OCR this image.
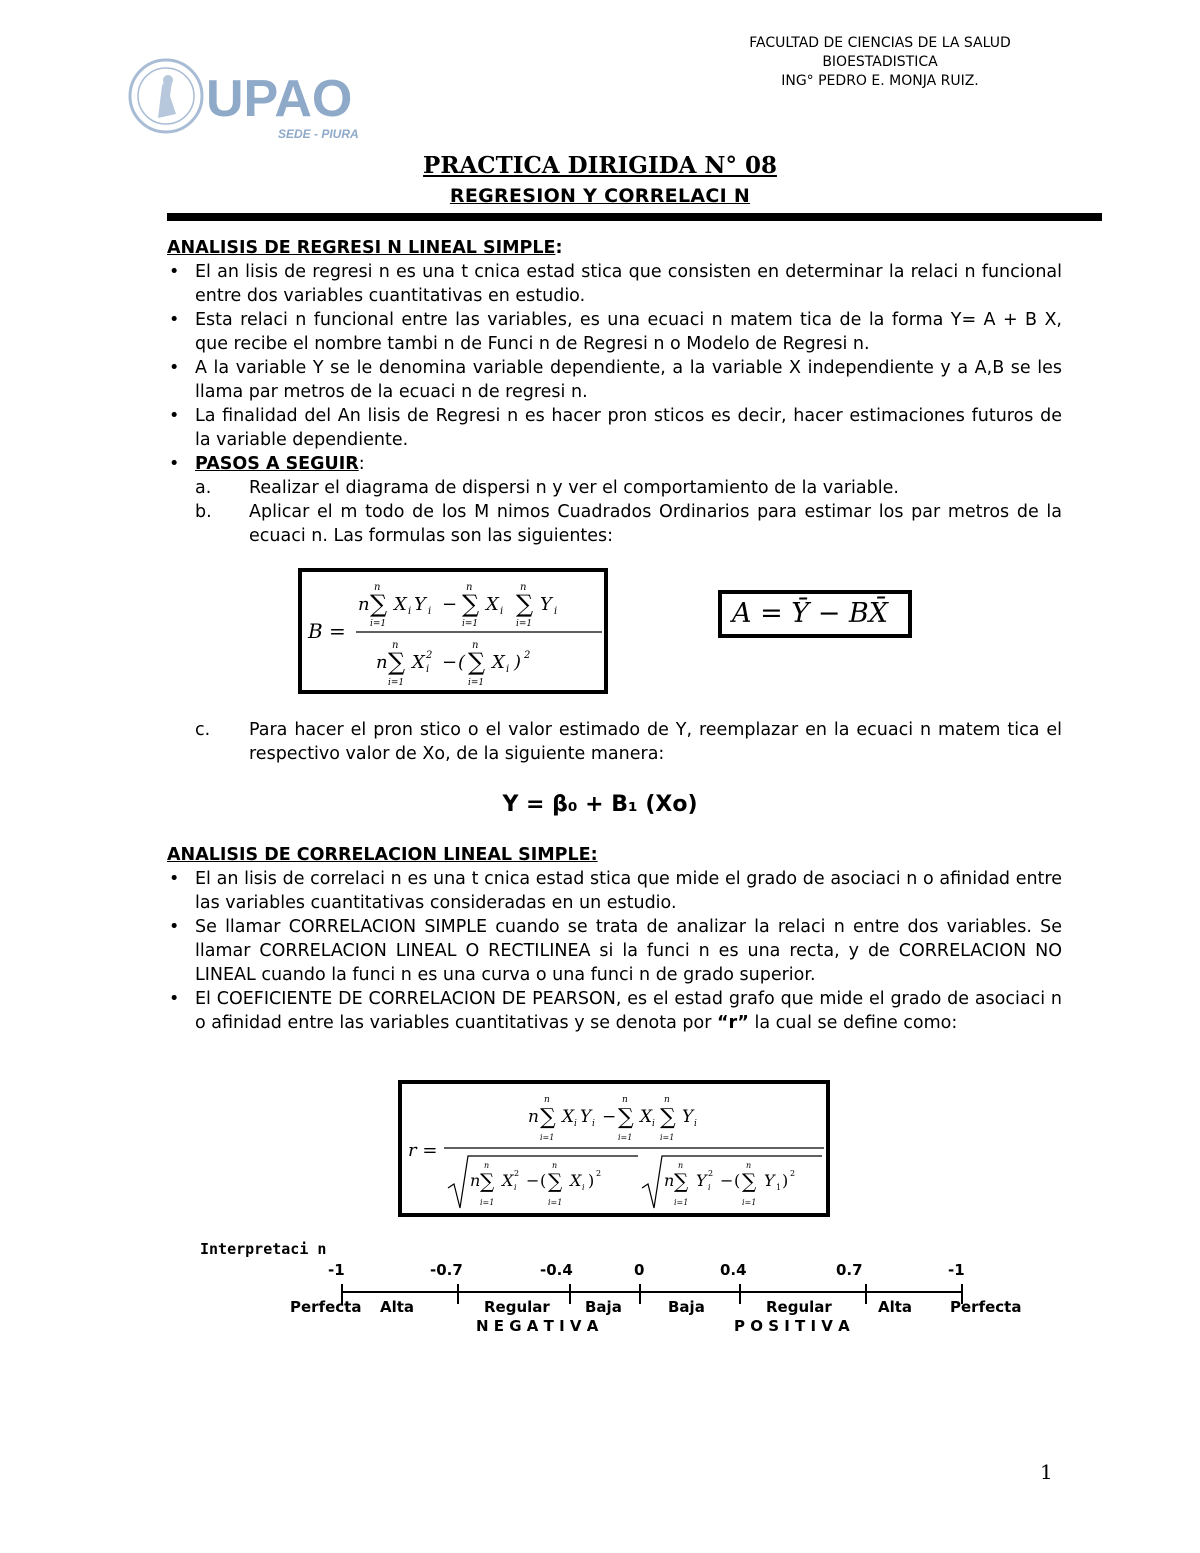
FACULTAD DE CIENCIAS DE LA SALUD
BIOESTADISTICA
ING° PEDRO E. MONJA RUIZ.
UPAO
SEDE - PIURA
PRACTICA DIRIGIDA N° 08
REGRESION Y CORRELACI N
ANALISIS DE REGRESI N LINEAL SIMPLE:
• El an lisis de regresi n es una t cnica estad stica que consisten en determinar la relaci n funcional entre dos variables cuantitativas en estudio.
• Esta relaci n funcional entre las variables, es una ecuaci n matem tica de la forma Y= A + B X, que recibe el nombre tambi n de Funci n de Regresi n o Modelo de Regresi n.
• A la variable Y se le denomina variable dependiente, a la variable X independiente y a A,B se les llama par metros de la ecuaci n de regresi n.
• La finalidad del An lisis de Regresi n es hacer pron sticos es decir, hacer estimaciones futuros de la variable dependiente.
• PASOS A SEGUIR:
a. Realizar el diagrama de dispersi n y ver el comportamiento de la variable.
b. Aplicar el m todo de los M nimos Cuadrados Ordinarios para estimar los par metros de la ecuaci n. Las formulas son las siguientes:
B =
n ∑
n
i=1
X i Y i − ∑
n
i=1
X i ∑
n
i=1
Y i
n ∑
n
i=1
X 2
i − ( ∑
n
i=1
X i ) 2
A = Ȳ − BX̄
c. Para hacer el pron stico o el valor estimado de Y, reemplazar en la ecuaci n matem tica el respectivo valor de Xo, de la siguiente manera:
Y = β₀ + B₁ (Xo)
ANALISIS DE CORRELACION LINEAL SIMPLE:
• El an lisis de correlaci n es una t cnica estad stica que mide el grado de asociaci n o afinidad entre las variables cuantitativas consideradas en un estudio.
• Se llamar CORRELACION SIMPLE cuando se trata de analizar la relaci n entre dos variables. Se llamar CORRELACION LINEAL O RECTILINEA si la funci n es una recta, y de CORRELACION NO LINEAL cuando la funci n es una curva o una funci n de grado superior.
• El COEFICIENTE DE CORRELACION DE PEARSON, es el estad grafo que mide el grado de asociaci n o afinidad entre las variables cuantitativas y se denota por “r” la cual se define como:
r =
n ∑
n
i=1
X i Y i − ∑
n
i=1
X i ∑
n
i=1
Y i
n ∑
n
i=1
X 2
i − ( ∑
n
i=1
X i ) 2	n ∑
n
i=1
Y 2
i − ( ∑
n
i=1
Y 1 ) 2
Interpretaci n
-1	-0.7	-0.4	0	0.4	0.7	-1
Perfecta Alta	Regular Baja	Baja	Regular	Alta	Perfecta
N E G A T I V A	P O S I T I V A
1
